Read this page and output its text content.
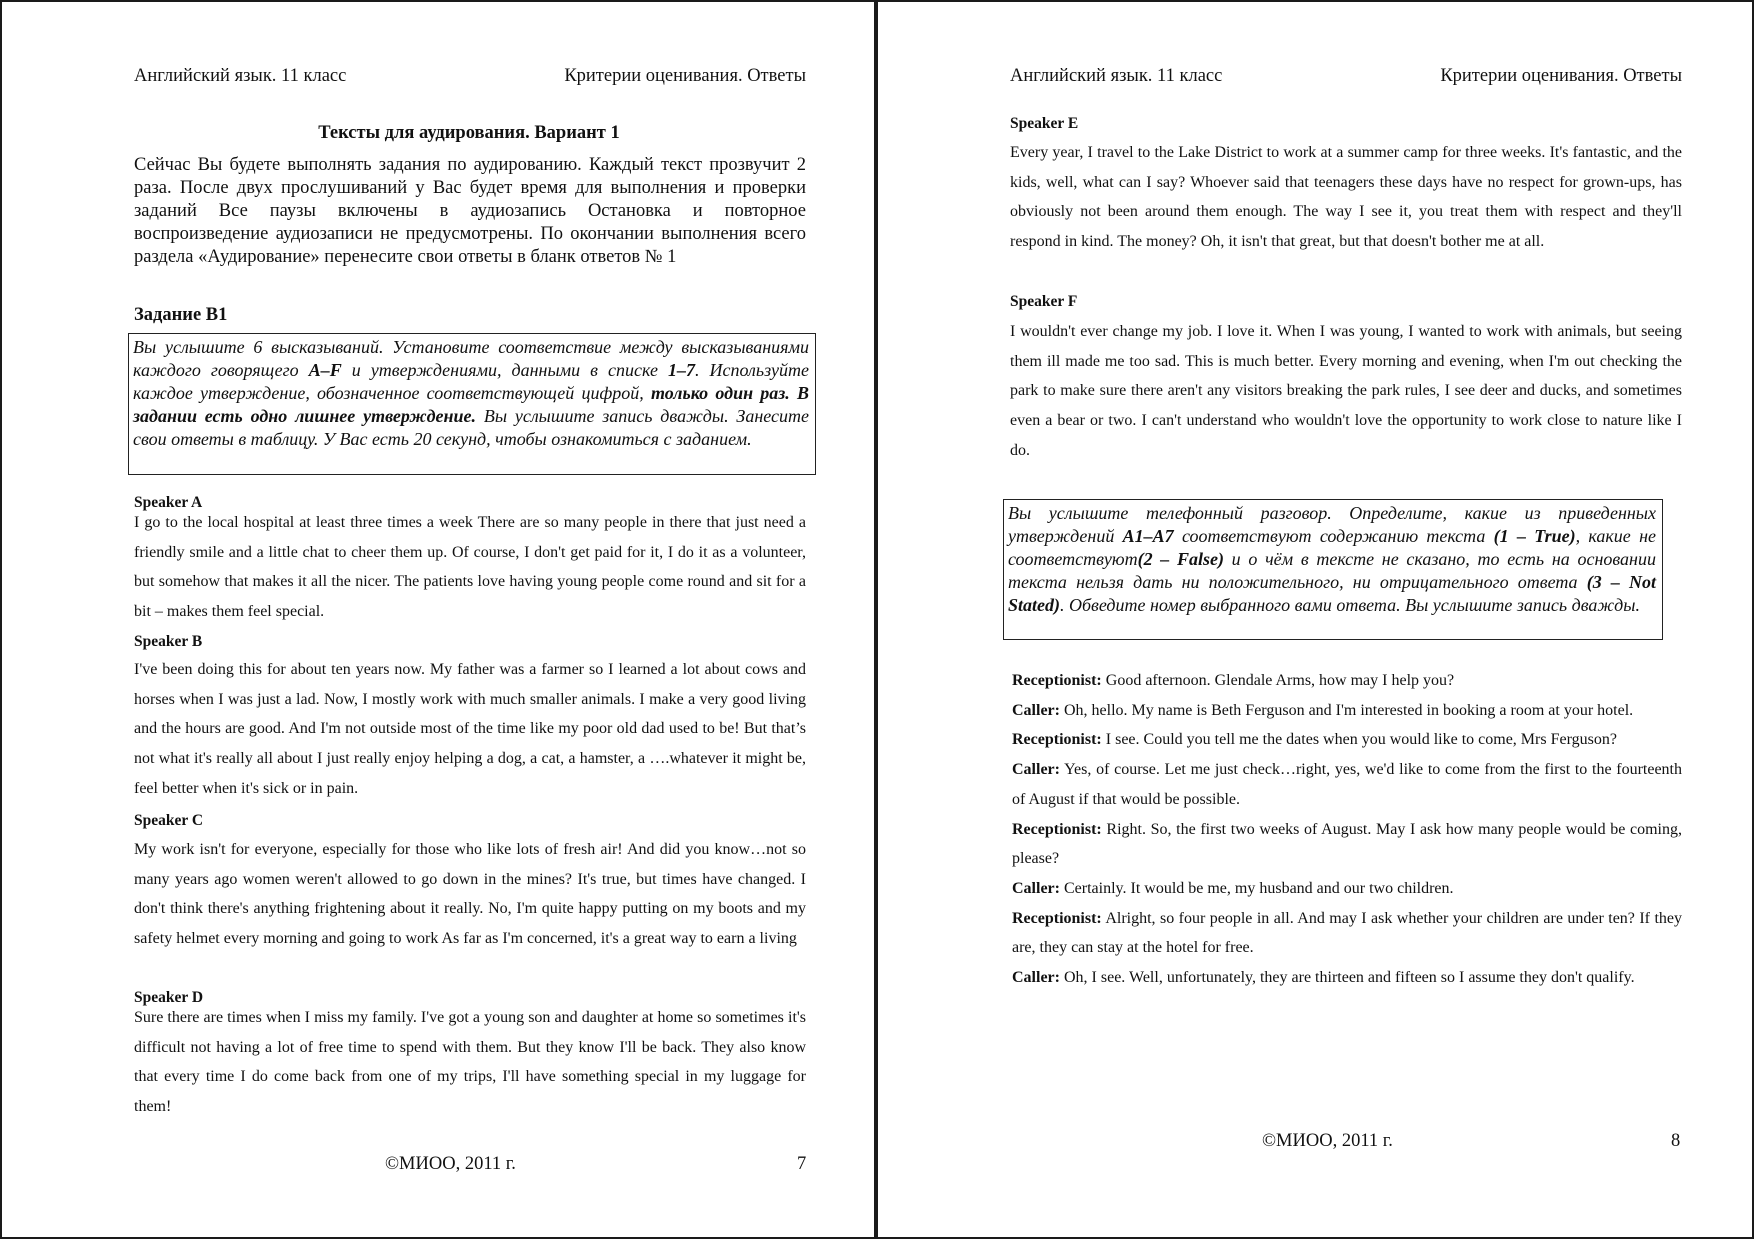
Английский язык. 11 класс	Критерии оценивания. Ответы
Тексты для аудирования. Вариант 1
Сейчас Вы будете выполнять задания по аудированию. Каждый текст прозвучит 2 раза. После двух прослушиваний у Вас будет время для выполнения и проверки заданий Все паузы включены в аудиозапись Остановка и повторное воспроизведение аудиозаписи не предусмотрены. По окончании выполнения всего раздела «Аудирование» перенесите свои ответы в бланк ответов № 1
Задание В1
Вы услышите 6 высказываний. Установите соответствие между высказываниями каждого говорящего А–F и утверждениями, данными в списке 1–7. Используйте каждое утверждение, обозначенное соответствующей цифрой, только один раз. В задании есть одно лишнее утверждение. Вы услышите запись дважды. Занесите свои ответы в таблицу. У Вас есть 20 секунд, чтобы ознакомиться с заданием.
Speaker A
I go to the local hospital at least three times a week There are so many people in there that just need a friendly smile and a little chat to cheer them up. Of course, I don't get paid for it, I do it as a volunteer, but somehow that makes it all the nicer. The patients love having young people come round and sit for a bit – makes them feel special.
Speaker B
I've been doing this for about ten years now. My father was a farmer so I learned a lot about cows and horses when I was just a lad. Now, I mostly work with much smaller animals. I make a very good living and the hours are good. And I'm not outside most of the time like my poor old dad used to be! But that’s not what it's really all about I just really enjoy helping a dog, a cat, a hamster, a ….whatever it might be, feel better when it's sick or in pain.
Speaker C
My work isn't for everyone, especially for those who like lots of fresh air! And did you know…not so many years ago women weren't allowed to go down in the mines? It's true, but times have changed. I don't think there's anything frightening about it really. No, I'm quite happy putting on my boots and my safety helmet every morning and going to work As far as I'm concerned, it's a great way to earn a living
Speaker D
Sure there are times when I miss my family. I've got a young son and daughter at home so sometimes it's difficult not having a lot of free time to spend with them. But they know I'll be back. They also know that every time I do come back from one of my trips, I'll have something special in my luggage for them!
©МИОО, 2011 г.	7
Английский язык. 11 класс	Критерии оценивания. Ответы
Speaker E
Every year, I travel to the Lake District to work at a summer camp for three weeks. It's fantastic, and the kids, well, what can I say? Whoever said that teenagers these days have no respect for grown-ups, has obviously not been around them enough. The way I see it, you treat them with respect and they'll respond in kind. The money? Oh, it isn't that great, but that doesn't bother me at all.
Speaker F
I wouldn't ever change my job. I love it. When I was young, I wanted to work with animals, but seeing them ill made me too sad. This is much better. Every morning and evening, when I'm out checking the park to make sure there aren't any visitors breaking the park rules, I see deer and ducks, and sometimes even a bear or two. I can't understand who wouldn't love the opportunity to work close to nature like I do.
Вы услышите телефонный разговор. Определите, какие из приведенных утверждений А1–А7 соответствуют содержанию текста (1 – True), какие не соответствуют(2 – False) и о чём в тексте не сказано, то есть на основании текста нельзя дать ни положительного, ни отрицательного ответа (3 – Not Stated). Обведите номер выбранного вами ответа. Вы услышите запись дважды.
Receptionist: Good afternoon. Glendale Arms, how may I help you?
Caller: Oh, hello. My name is Beth Ferguson and I'm interested in booking a room at your hotel.
Receptionist: I see. Could you tell me the dates when you would like to come, Mrs Ferguson?
Caller: Yes, of course. Let me just check…right, yes, we'd like to come from the first to the fourteenth of August if that would be possible.
Receptionist: Right. So, the first two weeks of August. May I ask how many people would be coming, please?
Caller: Certainly. It would be me, my husband and our two children.
Receptionist: Alright, so four people in all. And may I ask whether your children are under ten? If they are, they can stay at the hotel for free.
Caller: Oh, I see. Well, unfortunately, they are thirteen and fifteen so I assume they don't qualify.
©МИОО, 2011 г.	8
